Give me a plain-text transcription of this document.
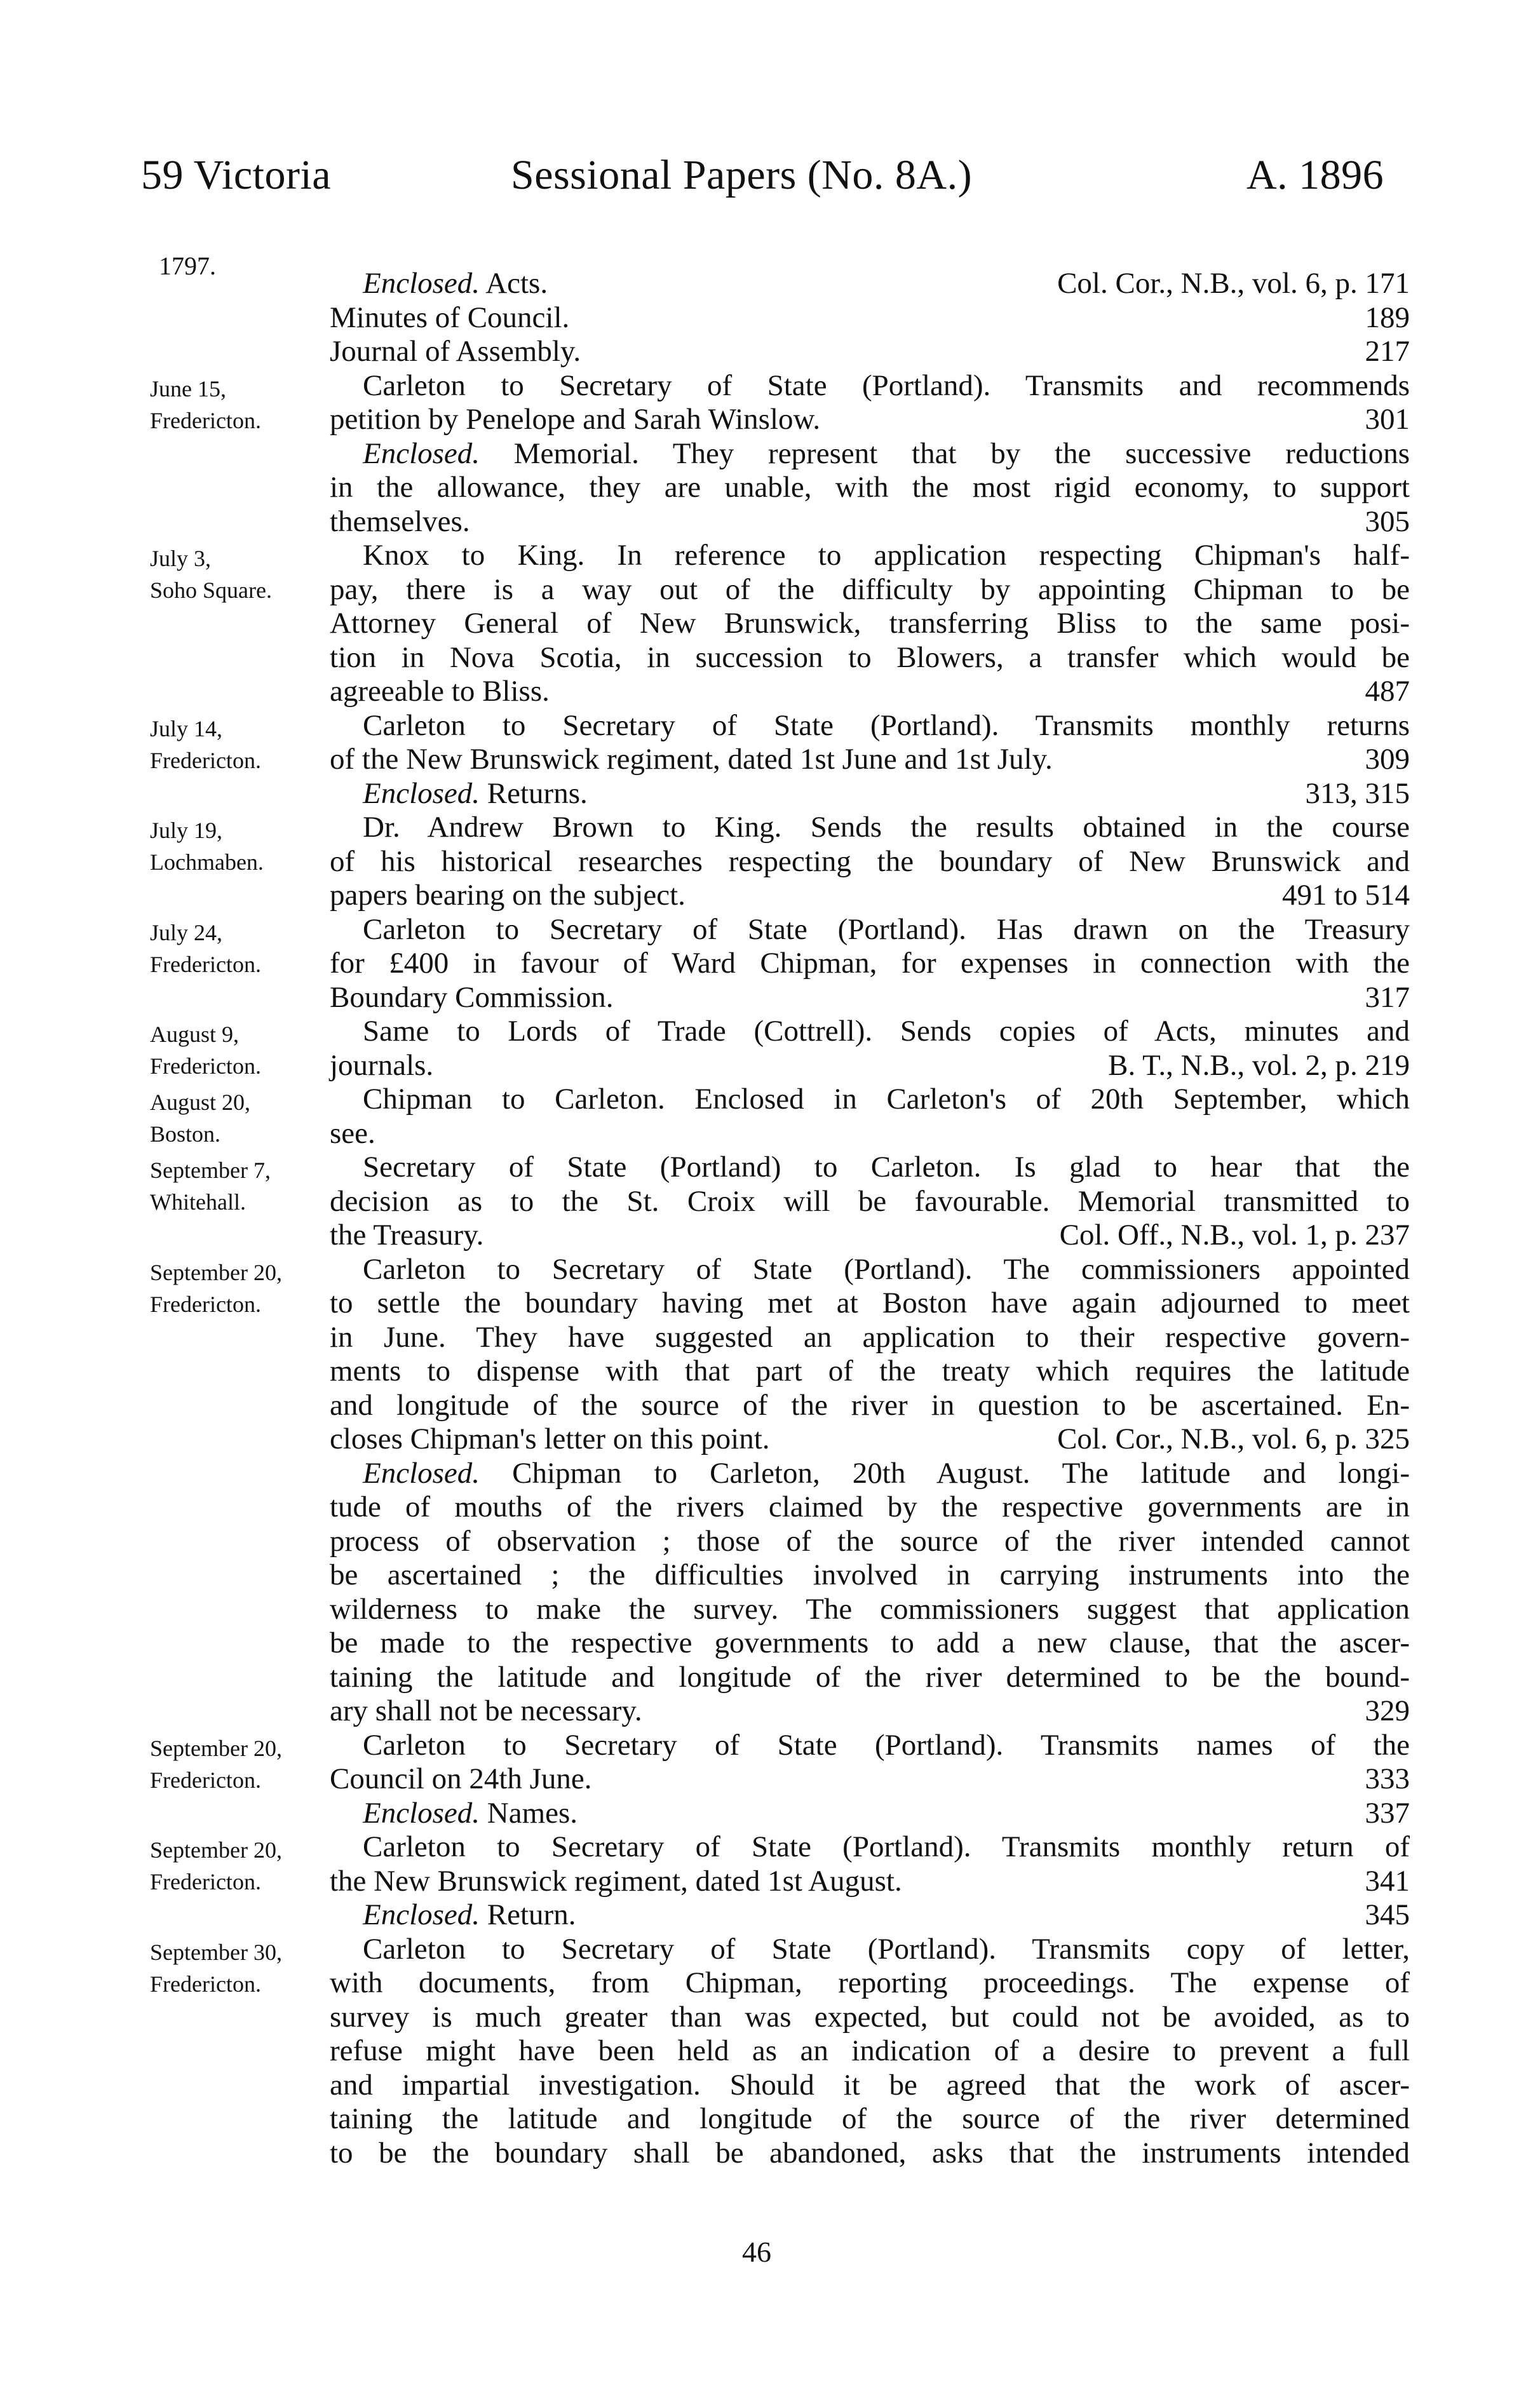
59 Victoria	Sessional Papers (No. 8A.)	A. 1896
1797.
Enclosed. Acts.	Col. Cor., N.B., vol. 6, p. 171
Minutes of Council.	189
Journal of Assembly.	217
June 15,
Fredericton.
Carleton to Secretary of State (Portland). Transmits and recommends
petition by Penelope and Sarah Winslow.	301
Enclosed. Memorial. They represent that by the successive reductions
in the allowance, they are unable, with the most rigid economy, to support
themselves.	305
July 3,
Soho Square.
Knox to King. In reference to application respecting Chipman's half-
pay, there is a way out of the difficulty by appointing Chipman to be
Attorney General of New Brunswick, transferring Bliss to the same posi-
tion in Nova Scotia, in succession to Blowers, a transfer which would be
agreeable to Bliss.	487
July 14,
Fredericton.
Carleton to Secretary of State (Portland). Transmits monthly returns
of the New Brunswick regiment, dated 1st June and 1st July.	309
Enclosed. Returns.	313, 315
July 19,
Lochmaben.
Dr. Andrew Brown to King. Sends the results obtained in the course
of his historical researches respecting the boundary of New Brunswick and
papers bearing on the subject.	491 to 514
July 24,
Fredericton.
Carleton to Secretary of State (Portland). Has drawn on the Treasury
for £400 in favour of Ward Chipman, for expenses in connection with the
Boundary Commission.	317
August 9,
Fredericton.
Same to Lords of Trade (Cottrell). Sends copies of Acts, minutes and
journals.	B. T., N.B., vol. 2, p. 219
August 20,
Boston.
Chipman to Carleton. Enclosed in Carleton's of 20th September, which
see.
September 7,
Whitehall.
Secretary of State (Portland) to Carleton. Is glad to hear that the
decision as to the St. Croix will be favourable. Memorial transmitted to
the Treasury.	Col. Off., N.B., vol. 1, p. 237
September 20,
Fredericton.
Carleton to Secretary of State (Portland). The commissioners appointed
to settle the boundary having met at Boston have again adjourned to meet
in June. They have suggested an application to their respective govern-
ments to dispense with that part of the treaty which requires the latitude
and longitude of the source of the river in question to be ascertained. En-
closes Chipman's letter on this point.	Col. Cor., N.B., vol. 6, p. 325
Enclosed. Chipman to Carleton, 20th August. The latitude and longi-
tude of mouths of the rivers claimed by the respective governments are in
process of observation ; those of the source of the river intended cannot
be ascertained ; the difficulties involved in carrying instruments into the
wilderness to make the survey. The commissioners suggest that application
be made to the respective governments to add a new clause, that the ascer-
taining the latitude and longitude of the river determined to be the bound-
ary shall not be necessary.	329
September 20,
Fredericton.
Carleton to Secretary of State (Portland). Transmits names of the
Council on 24th June.	333
Enclosed. Names.	337
September 20,
Fredericton.
Carleton to Secretary of State (Portland). Transmits monthly return of
the New Brunswick regiment, dated 1st August.	341
Enclosed. Return.	345
September 30,
Fredericton.
Carleton to Secretary of State (Portland). Transmits copy of letter,
with documents, from Chipman, reporting proceedings. The expense of
survey is much greater than was expected, but could not be avoided, as to
refuse might have been held as an indication of a desire to prevent a full
and impartial investigation. Should it be agreed that the work of ascer-
taining the latitude and longitude of the source of the river determined
to be the boundary shall be abandoned, asks that the instruments intended
46
